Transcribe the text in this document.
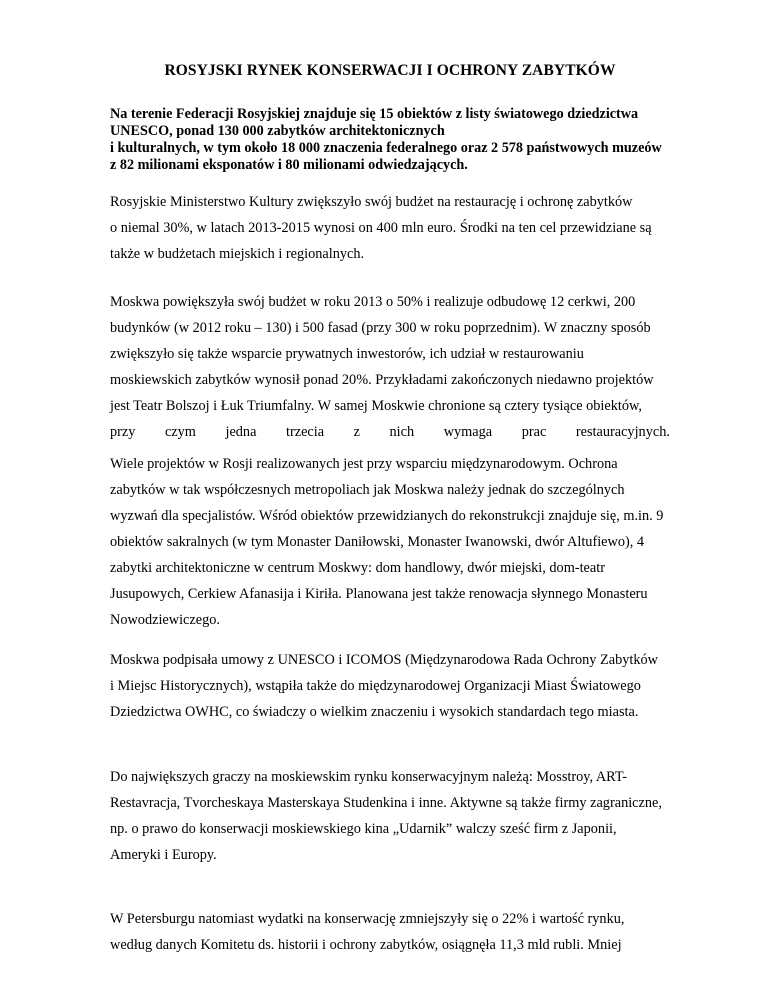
ROSYJSKI RYNEK KONSERWACJI I OCHRONY ZABYTKÓW
Na terenie Federacji Rosyjskiej znajduje się 15 obiektów z listy światowego dziedzictwa
UNESCO, ponad 130 000 zabytków architektonicznych
i kulturalnych, w tym około 18 000 znaczenia federalnego oraz 2 578 państwowych muzeów
z 82 milionami eksponatów i 80 milionami odwiedzających.
Rosyjskie Ministerstwo Kultury zwiększyło swój budżet na restaurację i ochronę zabytków
o niemal 30%, w latach 2013-2015 wynosi on 400 mln euro. Środki na ten cel przewidziane są
także w budżetach miejskich i regionalnych.
Moskwa powiększyła swój budżet w roku 2013 o 50% i realizuje odbudowę 12 cerkwi, 200
budynków (w 2012 roku – 130) i 500 fasad (przy 300 w roku poprzednim). W znaczny sposób
zwiększyło się także wsparcie prywatnych inwestorów, ich udział w restaurowaniu
moskiewskich zabytków wynosił ponad 20%. Przykładami zakończonych niedawno projektów
jest Teatr Bolszoj i Łuk Triumfalny. W samej Moskwie chronione są cztery tysiące obiektów,
przy czym jedna trzecia z nich wymaga prac restauracyjnych.
Wiele projektów w Rosji realizowanych jest przy wsparciu międzynarodowym. Ochrona
zabytków w tak współczesnych metropoliach jak Moskwa należy jednak do szczególnych
wyzwań dla specjalistów. Wśród obiektów przewidzianych do rekonstrukcji znajduje się, m.in. 9
obiektów sakralnych (w tym Monaster Daniłowski, Monaster Iwanowski, dwór Altufiewo), 4
zabytki architektoniczne w centrum Moskwy: dom handlowy, dwór miejski, dom-teatr
Jusupowych, Cerkiew Afanasija i Kiriła. Planowana jest także renowacja słynnego Monasteru
Nowodziewiczego.
Moskwa podpisała umowy z UNESCO i ICOMOS (Międzynarodowa Rada Ochrony Zabytków
i Miejsc Historycznych), wstąpiła także do międzynarodowej Organizacji Miast Światowego
Dziedzictwa OWHC, co świadczy o wielkim znaczeniu i wysokich standardach tego miasta.
Do największych graczy na moskiewskim rynku konserwacyjnym należą: Mosstroy, ART-
Restavracja, Tvorcheskaya Masterskaya Studenkina i inne. Aktywne są także firmy zagraniczne,
np. o prawo do konserwacji moskiewskiego kina „Udarnik” walczy sześć firm z Japonii,
Ameryki i Europy.
W Petersburgu natomiast wydatki na konserwację zmniejszyły się o 22% i wartość rynku,
według danych Komitetu ds. historii i ochrony zabytków, osiągnęła 11,3 mld rubli. Mniej
